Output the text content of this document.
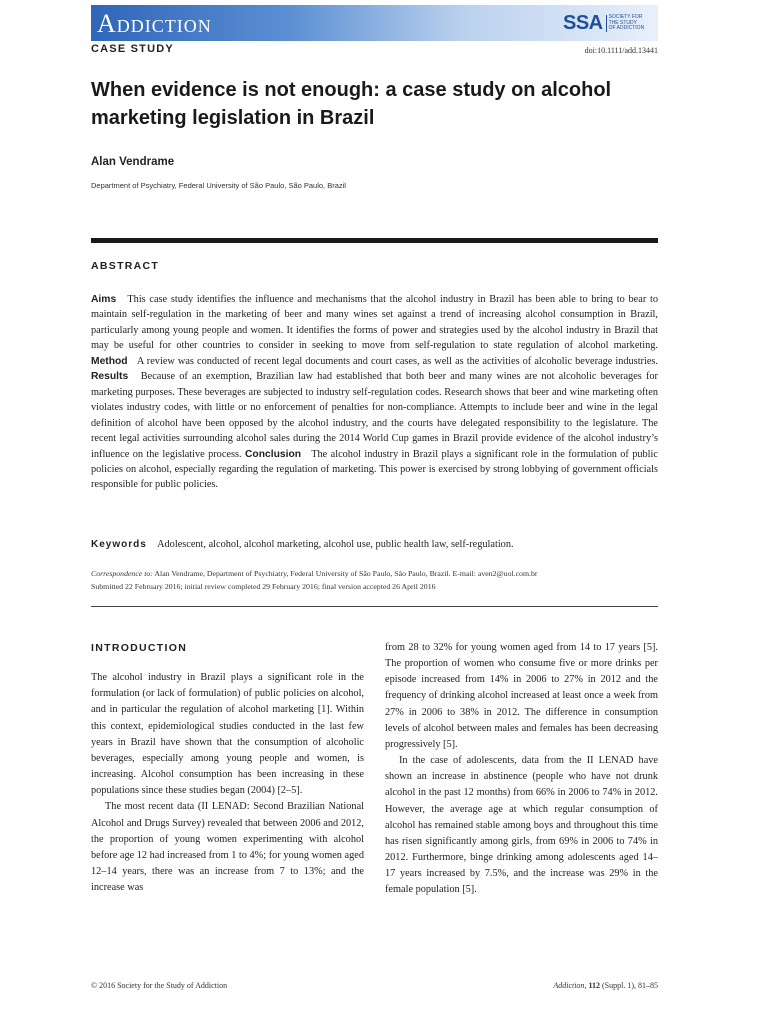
Addiction	SSA	SOCIETY FOR THE STUDY OF ADDICTION
CASE STUDY	doi:10.1111/add.13441
When evidence is not enough: a case study on alcohol marketing legislation in Brazil
Alan Vendrame
Department of Psychiatry, Federal University of São Paulo, São Paulo, Brazil
ABSTRACT
Aims This case study identifies the influence and mechanisms that the alcohol industry in Brazil has been able to bring to bear to maintain self-regulation in the marketing of beer and many wines set against a trend of increasing alcohol consumption in Brazil, particularly among young people and women. It identifies the forms of power and strategies used by the alcohol industry in Brazil that may be useful for other countries to consider in seeking to move from self-regulation to state regulation of alcohol marketing. Method A review was conducted of recent legal documents and court cases, as well as the activities of alcoholic beverage industries. Results Because of an exemption, Brazilian law had established that both beer and many wines are not alcoholic beverages for marketing purposes. These beverages are subjected to industry self-regulation codes. Research shows that beer and wine marketing often violates industry codes, with little or no enforcement of penalties for non-compliance. Attempts to include beer and wine in the legal definition of alcohol have been opposed by the alcohol industry, and the courts have delegated responsibility to the legislature. The recent legal activities surrounding alcohol sales during the 2014 World Cup games in Brazil provide evidence of the alcohol industry’s influence on the legislative process. Conclusion The alcohol industry in Brazil plays a significant role in the formulation of public policies on alcohol, especially regarding the regulation of marketing. This power is exercised by strong lobbying of government officials responsible for public policies.
Keywords Adolescent, alcohol, alcohol marketing, alcohol use, public health law, self-regulation.
Correspondence to: Alan Vendrame, Department of Psychiatry, Federal University of São Paulo, São Paulo, Brazil. E-mail: aven2@uol.com.br
Submitted 22 February 2016; initial review completed 29 February 2016; final version accepted 26 April 2016

INTRODUCTION

The alcohol industry in Brazil plays a significant role in the formulation (or lack of formulation) of public policies on alcohol, and in particular the regulation of alcohol marketing [1]. Within this context, epidemiological studies conducted in the last few years in Brazil have shown that the consumption of alcoholic beverages, especially among young people and women, is increasing. Alcohol consumption has been increasing in these populations since these studies began (2004) [2–5].

The most recent data (II LENAD: Second Brazilian National Alcohol and Drugs Survey) revealed that between 2006 and 2012, the proportion of young women experimenting with alcohol before age 12 had increased from 1 to 4%; for young women aged 12–14 years, there was an increase from 7 to 13%; and the increase was

from 28 to 32% for young women aged from 14 to 17 years [5]. The proportion of women who consume five or more drinks per episode increased from 14% in 2006 to 27% in 2012 and the frequency of drinking alcohol increased at least once a week from 27% in 2006 to 38% in 2012. The difference in consumption levels of alcohol between males and females has been decreasing progressively [5].

In the case of adolescents, data from the II LENAD have shown an increase in abstinence (people who have not drunk alcohol in the past 12 months) from 66% in 2006 to 74% in 2012. However, the average age at which regular consumption of alcohol has remained stable among boys and throughout this time has risen significantly among girls, from 69% in 2006 to 74% in 2012. Furthermore, binge drinking among adolescents aged 14–17 years increased by 7.5%, and the increase was 29% in the female population [5].

© 2016 Society for the Study of Addiction	Addiction, 112 (Suppl. 1), 81–85
